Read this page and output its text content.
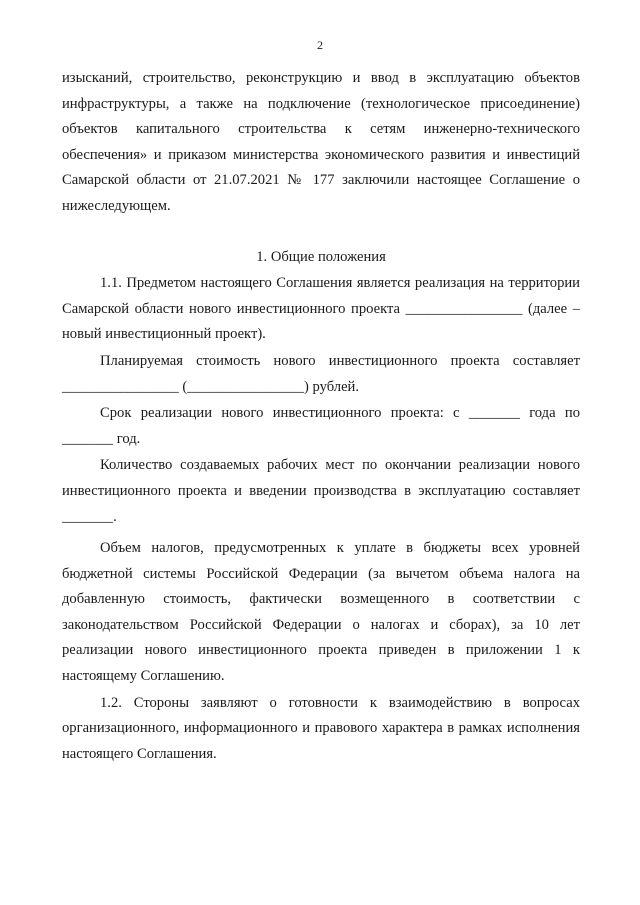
2

изысканий, строительство, реконструкцию и ввод в эксплуатацию объектов инфраструктуры, а также на подключение (технологическое присоединение) объектов капитального строительства к сетям инженерно-технического обеспечения» и приказом министерства экономического развития и инвестиций Самарской области от 21.07.2021 № 177 заключили настоящее Соглашение о нижеследующем.

1. Общие положения

1.1. Предметом настоящего Соглашения является реализация на территории Самарской области нового инвестиционного проекта ________________ (далее – новый инвестиционный проект).

Планируемая стоимость нового инвестиционного проекта составляет ________________ (________________) рублей.

Срок реализации нового инвестиционного проекта: с _______ года по _______ год.

Количество создаваемых рабочих мест по окончании реализации нового инвестиционного проекта и введении производства в эксплуатацию составляет _______.

Объем налогов, предусмотренных к уплате в бюджеты всех уровней бюджетной системы Российской Федерации (за вычетом объема налога на добавленную стоимость, фактически возмещенного в соответствии с законодательством Российской Федерации о налогах и сборах), за 10 лет реализации нового инвестиционного проекта приведен в приложении 1 к настоящему Соглашению.

1.2. Стороны заявляют о готовности к взаимодействию в вопросах организационного, информационного и правового характера в рамках исполнения настоящего Соглашения.
